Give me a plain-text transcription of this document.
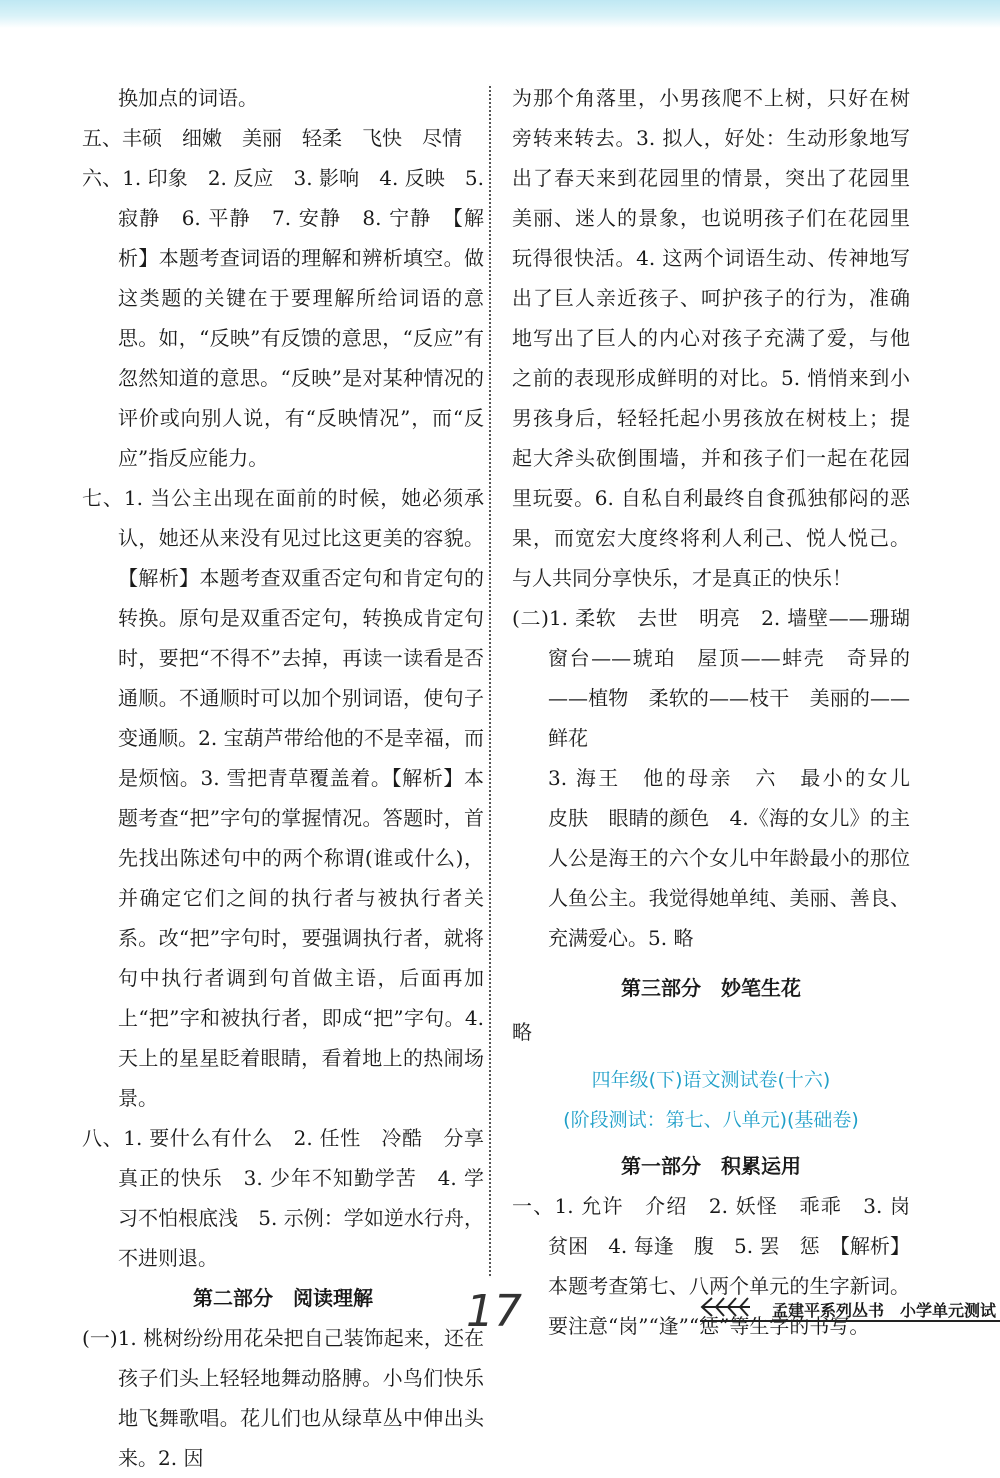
换加点的词语。

五、丰硕　细嫩　美丽　轻柔　飞快　尽情

六、1. 印象　2. 反应　3. 影响　4. 反映　5. 寂静　6. 平静　7. 安静　8. 宁静　【解析】本题考查词语的理解和辨析填空。做这类题的关键在于要理解所给词语的意思。如，“反映”有反馈的意思，“反应”有忽然知道的意思。“反映”是对某种情况的评价或向别人说，有“反映情况”，而“反应”指反应能力。

七、1. 当公主出现在面前的时候，她必须承认，她还从来没有见过比这更美的容貌。【解析】本题考查双重否定句和肯定句的转换。原句是双重否定句，转换成肯定句时，要把“不得不”去掉，再读一读看是否通顺。不通顺时可以加个别词语，使句子变通顺。2. 宝葫芦带给他的不是幸福，而是烦恼。3. 雪把青草覆盖着。【解析】本题考查“把”字句的掌握情况。答题时，首先找出陈述句中的两个称谓(谁或什么)，并确定它们之间的执行者与被执行者关系。改“把”字句时，要强调执行者，就将句中执行者调到句首做主语，后面再加上“把”字和被执行者，即成“把”字句。4. 天上的星星眨着眼睛，看着地上的热闹场景。

八、1. 要什么有什么　2. 任性　冷酷　分享　真正的快乐　3. 少年不知勤学苦　4. 学习不怕根底浅　5. 示例：学如逆水行舟，不进则退。

第二部分　阅读理解

(一)1. 桃树纷纷用花朵把自己装饰起来，还在孩子们头上轻轻地舞动胳膊。小鸟们快乐地飞舞歌唱。花儿们也从绿草丛中伸出头来。2. 因

为那个角落里，小男孩爬不上树，只好在树旁转来转去。3. 拟人，好处：生动形象地写出了春天来到花园里的情景，突出了花园里美丽、迷人的景象，也说明孩子们在花园里玩得很快活。4. 这两个词语生动、传神地写出了巨人亲近孩子、呵护孩子的行为，准确地写出了巨人的内心对孩子充满了爱，与他之前的表现形成鲜明的对比。5. 悄悄来到小男孩身后，轻轻托起小男孩放在树枝上；提起大斧头砍倒围墙，并和孩子们一起在花园里玩耍。6. 自私自利最终自食孤独郁闷的恶果，而宽宏大度终将利人利己、悦人悦己。与人共同分享快乐，才是真正的快乐！

(二)1. 柔软　去世　明亮　2. 墙壁——珊瑚　窗台——琥珀　屋顶——蚌壳　奇异的——植物　柔软的——枝干　美丽的——鲜花

3. 海王　他的母亲　六　最小的女儿　皮肤　眼睛的颜色　4.《海的女儿》的主人公是海王的六个女儿中年龄最小的那位人鱼公主。我觉得她单纯、美丽、善良、充满爱心。5. 略

第三部分　妙笔生花

略

四年级(下)语文测试卷(十六)

(阶段测试：第七、八单元)(基础卷)

第一部分　积累运用

一、1. 允许　介绍　2. 妖怪　乖乖　3. 岗　贫困　4. 每逢　腹　5. 罢　惩　【解析】本题考查第七、八两个单元的生字新词。要注意“岗”“逢”“惩”等生字的书写。

17	孟建平系列丛书　小学单元测试
